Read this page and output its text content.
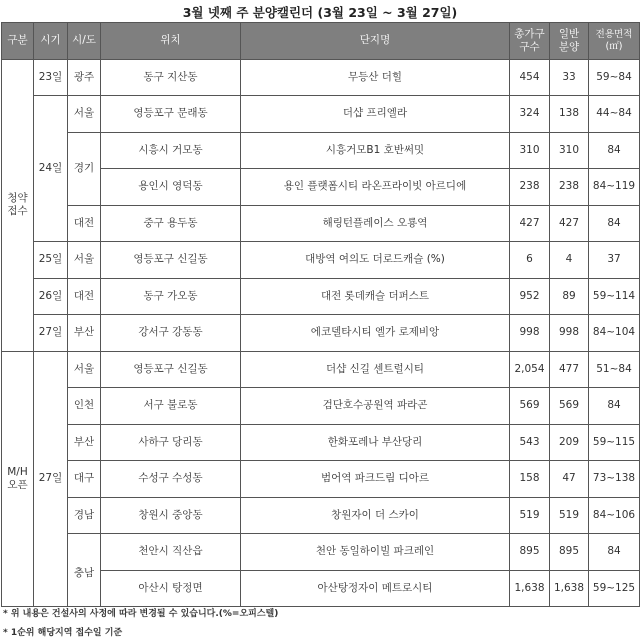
3월 넷째 주 분양캘린더 (3월 23일 ~ 3월 27일)
구분	시기	시/도	위치	단지명	총가구
구수	일반
분양	전용면적
(㎡)
청약
접수	23일	광주	동구 지산동	무등산 더힐	454	33	59~84
24일	서울	영등포구 문래동	더샵 프리엘라	324	138	44~84
경기	시흥시 거모동	시흥거모B1 호반써밋	310	310	84
용인시 영덕동	용인 플랫폼시티 라온프라이빗 아르디에	238	238	84~119
대전	중구 용두동	해링턴플레이스 오룡역	427	427	84
25일	서울	영등포구 신길동	대방역 여의도 더로드캐슬 (%)	6	4	37
26일	대전	동구 가오동	대전 롯데캐슬 더퍼스트	952	89	59~114
27일	부산	강서구 강동동	에코델타시티 엘가 로제비앙	998	998	84~104
M/H
오픈	27일	서울	영등포구 신길동	더샵 신길 센트럴시티	2,054	477	51~84
인천	서구 불로동	검단호수공원역 파라곤	569	569	84
부산	사하구 당리동	한화포레나 부산당리	543	209	59~115
대구	수성구 수성동	범어역 파크드림 디아르	158	47	73~138
경남	창원시 중앙동	창원자이 더 스카이	519	519	84~106
충남	천안시 직산읍	천안 동일하이빌 파크레인	895	895	84
아산시 탕정면	아산탕정자이 메트로시티	1,638	1,638	59~125
* 위 내용은 건설사의 사정에 따라 변경될 수 있습니다.(%=오피스텔)
* 1순위 해당지역 접수일 기준
